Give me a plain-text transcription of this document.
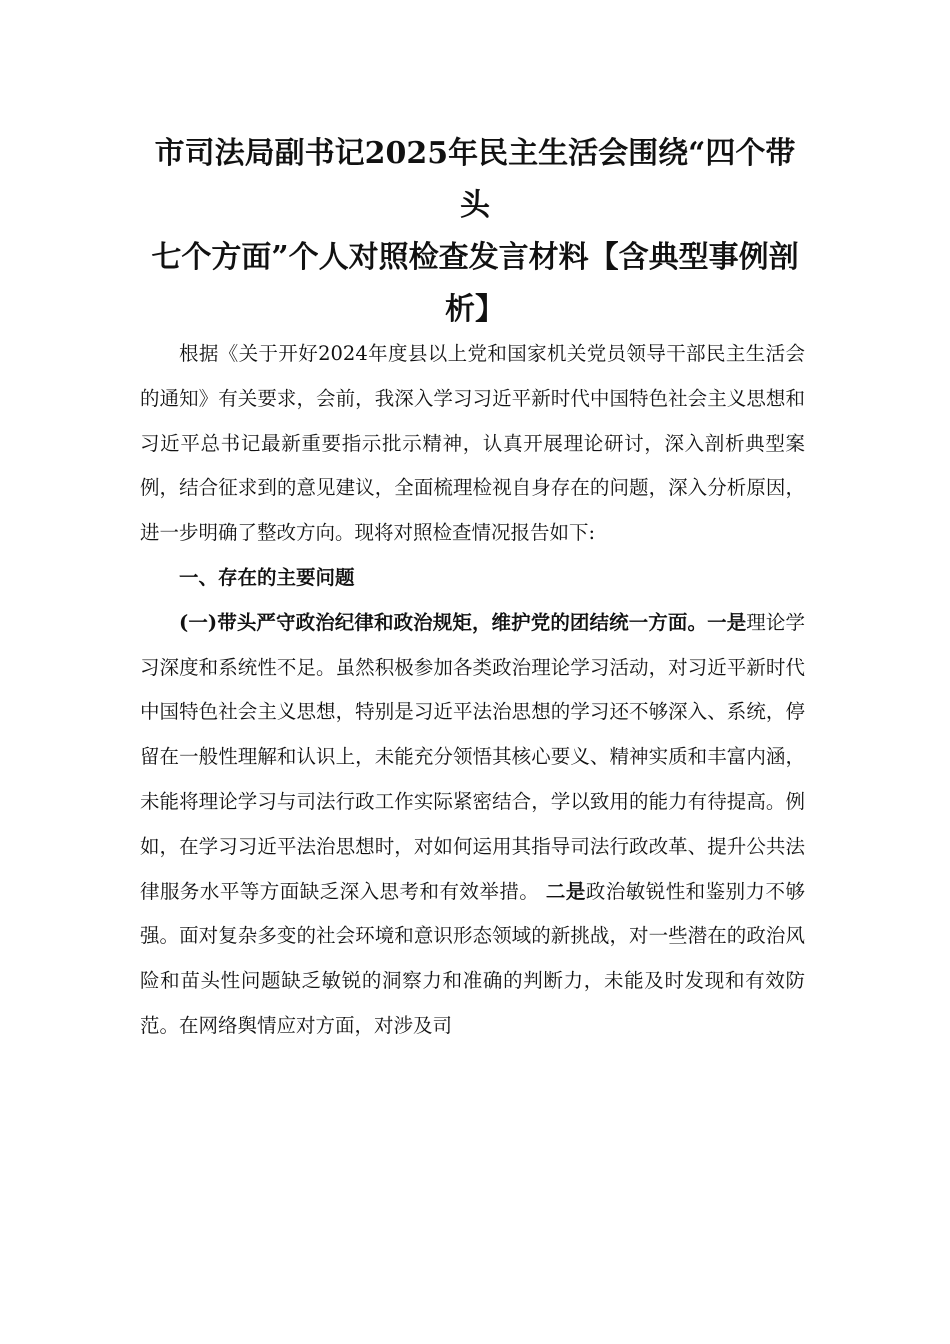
市司法局副书记2025年民主生活会围绕“四个带头
七个方面”个人对照检查发言材料【含典型事例剖
析】

根据《关于开好2024年度县以上党和国家机关党员领导干部民主生活会的通知》有关要求，会前，我深入学习习近平新时代中国特色社会主义思想和习近平总书记最新重要指示批示精神，认真开展理论研讨，深入剖析典型案例，结合征求到的意见建议，全面梳理检视自身存在的问题，深入分析原因，进一步明确了整改方向。现将对照检查情况报告如下:

一、存在的主要问题

(一)带头严守政治纪律和政治规矩，维护党的团结统一方面。一是理论学习深度和系统性不足。虽然积极参加各类政治理论学习活动，对习近平新时代中国特色社会主义思想，特别是习近平法治思想的学习还不够深入、系统，停留在一般性理解和认识上，未能充分领悟其核心要义、精神实质和丰富内涵，未能将理论学习与司法行政工作实际紧密结合，学以致用的能力有待提高。例如，在学习习近平法治思想时，对如何运用其指导司法行政改革、提升公共法律服务水平等方面缺乏深入思考和有效举措。 二是政治敏锐性和鉴别力不够强。面对复杂多变的社会环境和意识形态领域的新挑战，对一些潜在的政治风险和苗头性问题缺乏敏锐的洞察力和准确的判断力，未能及时发现和有效防范。在网络舆情应对方面，对涉及司
